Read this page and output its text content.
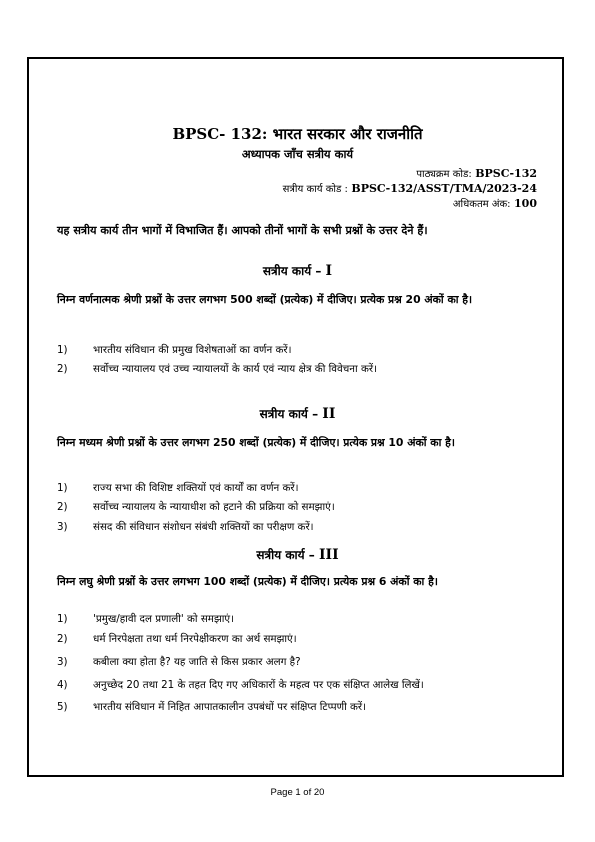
BPSC- 132: भारत सरकार और राजनीति
अध्यापक जाँच सत्रीय कार्य
पाठ्यक्रम कोड: BPSC-132
सत्रीय कार्य कोड : BPSC-132/ASST/TMA/2023-24
अधिकतम अंक: 100
यह सत्रीय कार्य तीन भागों में विभाजित हैं। आपको तीनों भागों के सभी प्रश्नों के उत्तर देने हैं।
सत्रीय कार्य – I
निम्न वर्णनात्मक श्रेणी प्रश्नों के उत्तर लगभग 500 शब्दों (प्रत्येक) में दीजिए। प्रत्येक प्रश्न 20 अंकों का है।
1) भारतीय संविधान की प्रमुख विशेषताओं का वर्णन करें।
2) सर्वोच्च न्यायालय एवं उच्च न्यायालयों के कार्य एवं न्याय क्षेत्र की विवेचना करें।
सत्रीय कार्य – II
निम्न मध्यम श्रेणी प्रश्नों के उत्तर लगभग 250 शब्दों (प्रत्येक) में दीजिए। प्रत्येक प्रश्न 10 अंकों का है।
1) राज्य सभा की विशिष्ट शक्तियों एवं कार्यों का वर्णन करें।
2) सर्वोच्च न्यायालय के न्यायाधीश को हटाने की प्रक्रिया को समझाएं।
3) संसद की संविधान संशोधन संबंधी शक्तियों का परीक्षण करें।
सत्रीय कार्य – III
निम्न लघु श्रेणी प्रश्नों के उत्तर लगभग 100 शब्दों (प्रत्येक) में दीजिए। प्रत्येक प्रश्न 6 अंकों का है।
1) 'प्रमुख/हावी दल प्रणाली' को समझाएं।
2) धर्म निरपेक्षता तथा धर्म निरपेक्षीकरण का अर्थ समझाएं।
3) कबीला क्या होता है? यह जाति से किस प्रकार अलग है?
4) अनुच्छेद 20 तथा 21 के तहत दिए गए अधिकारों के महत्व पर एक संक्षिप्त आलेख लिखें।
5) भारतीय संविधान में निहित आपातकालीन उपबंधों पर संक्षिप्त टिप्पणी करें।
Page 1 of 20
